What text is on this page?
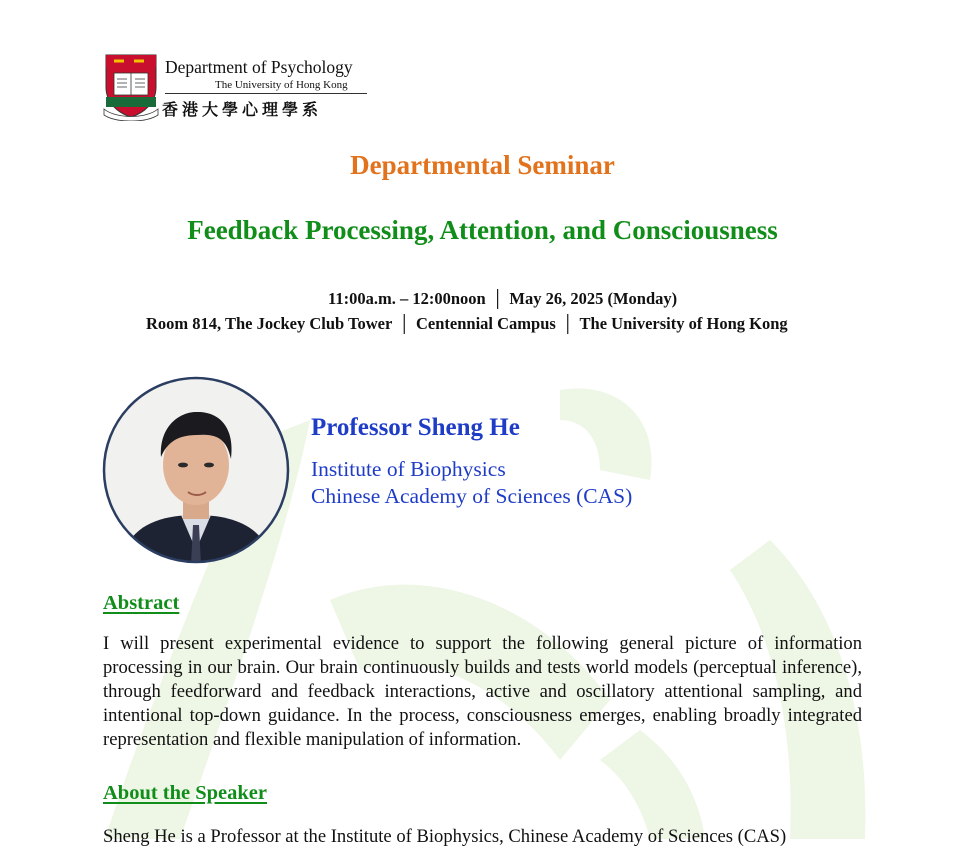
Department of Psychology
The University of Hong Kong
香港大學心理學系
Departmental Seminar
Feedback Processing, Attention, and Consciousness
11:00a.m. – 12:00noon │ May 26, 2025 (Monday)
Room 814, The Jockey Club Tower │ Centennial Campus │ The University of Hong Kong
Professor Sheng He
Institute of Biophysics
Chinese Academy of Sciences (CAS)
Abstract
I will present experimental evidence to support the following general picture of information processing in our brain. Our brain continuously builds and tests world models (perceptual inference), through feedforward and feedback interactions, active and oscillatory attentional sampling, and intentional top-down guidance. In the process, consciousness emerges, enabling broadly integrated representation and flexible manipulation of information.
About the Speaker
Sheng He is a Professor at the Institute of Biophysics, Chinese Academy of Sciences (CAS)
